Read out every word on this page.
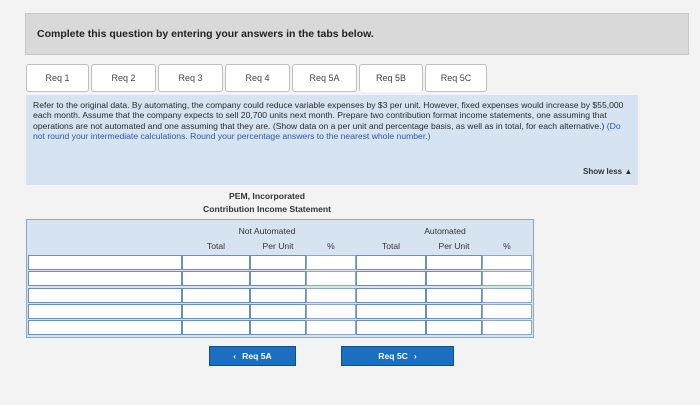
Complete this question by entering your answers in the tabs below.
Req 1	Req 2	Req 3	Req 4	Req 5A	Req 5B	Req 5C
Refer to the original data. By automating, the company could reduce variable expenses by $3 per unit. However, fixed expenses would increase by $55,000 each month. Assume that the company expects to sell 20,700 units next month. Prepare two contribution format income statements, one assuming that operations are not automated and one assuming that they are. (Show data on a per unit and percentage basis, as well as in total, for each alternative.) (Do not round your intermediate calculations. Round your percentage answers to the nearest whole number.)
Show less ▲
PEM, Incorporated
Contribution Income Statement
Not Automated	Automated
Total	Per Unit	%	Total	Per Unit	%
‹ Req 5A	Req 5C ›
